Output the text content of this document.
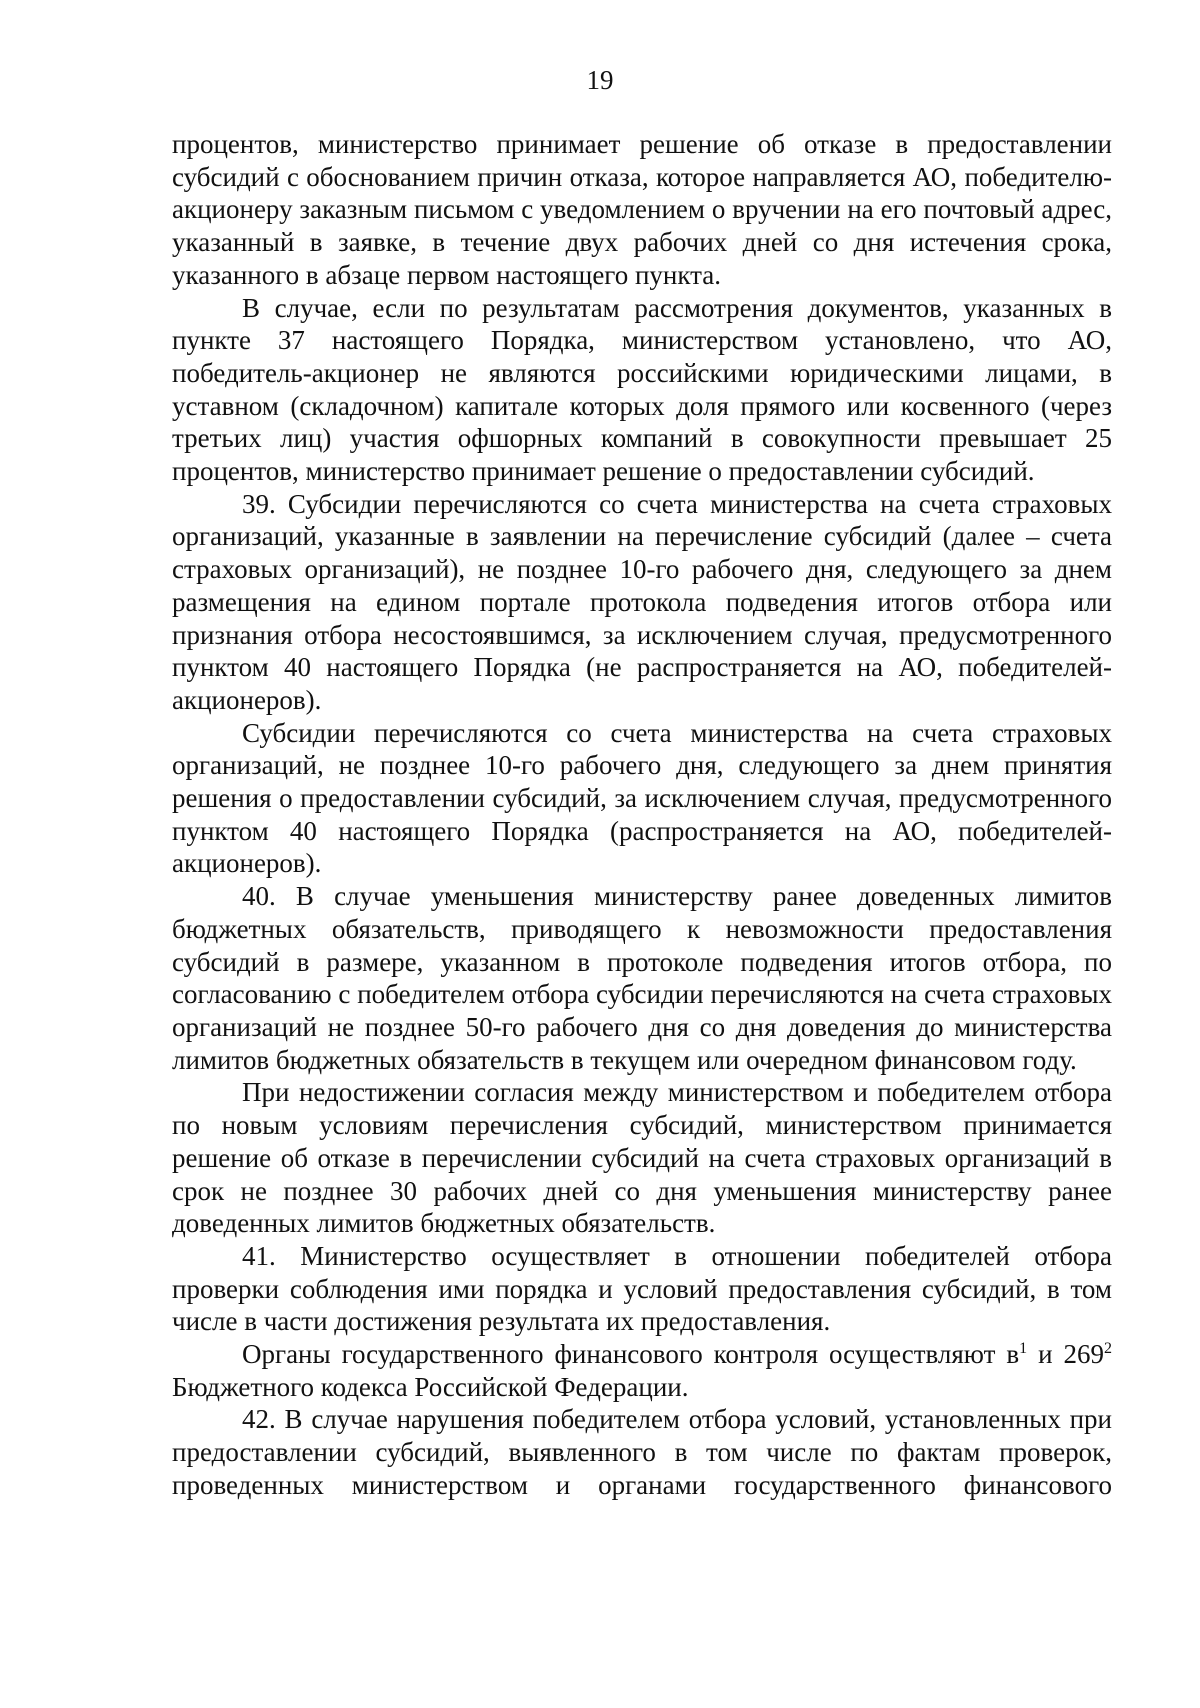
19

процентов, министерство принимает решение об отказе в предоставлении субсидий с обоснованием причин отказа, которое направляется АО, победителю-акционеру заказным письмом с уведомлением о вручении на его почтовый адрес, указанный в заявке, в течение двух рабочих дней со дня истечения срока, указанного в абзаце первом настоящего пункта.

В случае, если по результатам рассмотрения документов, указанных в пункте 37 настоящего Порядка, министерством установлено, что АО, победитель-акционер не являются российскими юридическими лицами, в уставном (складочном) капитале которых доля прямого или косвенного (через третьих лиц) участия офшорных компаний в совокупности превышает 25 процентов, министерство принимает решение о предоставлении субсидий.

39. Субсидии перечисляются со счета министерства на счета страховых организаций, указанные в заявлении на перечисление субсидий (далее – счета страховых организаций), не позднее 10-го рабочего дня, следующего за днем размещения на едином портале протокола подведения итогов отбора или признания отбора несостоявшимся, за исключением случая, предусмотренного пунктом 40 настоящего Порядка (не распространяется на АО, победителей-акционеров).

Субсидии перечисляются со счета министерства на счета страховых организаций, не позднее 10-го рабочего дня, следующего за днем принятия решения о предоставлении субсидий, за исключением случая, предусмотренного пунктом 40 настоящего Порядка (распространяется на АО, победителей-акционеров).

40. В случае уменьшения министерству ранее доведенных лимитов бюджетных обязательств, приводящего к невозможности предоставления субсидий в размере, указанном в протоколе подведения итогов отбора, по согласованию с победителем отбора субсидии перечисляются на счета страховых организаций не позднее 50-го рабочего дня со дня доведения до министерства лимитов бюджетных обязательств в текущем или очередном финансовом году.

При недостижении согласия между министерством и победителем отбора по новым условиям перечисления субсидий, министерством принимается решение об отказе в перечислении субсидий на счета страховых организаций в срок не позднее 30 рабочих дней со дня уменьшения министерству ранее доведенных лимитов бюджетных обязательств.

41. Министерство осуществляет в отношении победителей отбора проверки соблюдения ими порядка и условий предоставления субсидий, в том числе в части достижения результата их предоставления.

Органы государственного финансового контроля осуществляют $в^1$ и $269^2$ Бюджетного кодекса Российской Федерации.

42. В случае нарушения победителем отбора условий, установленных при предоставлении субсидий, выявленного в том числе по фактам проверок, проведенных министерством и органами государственного финансового
